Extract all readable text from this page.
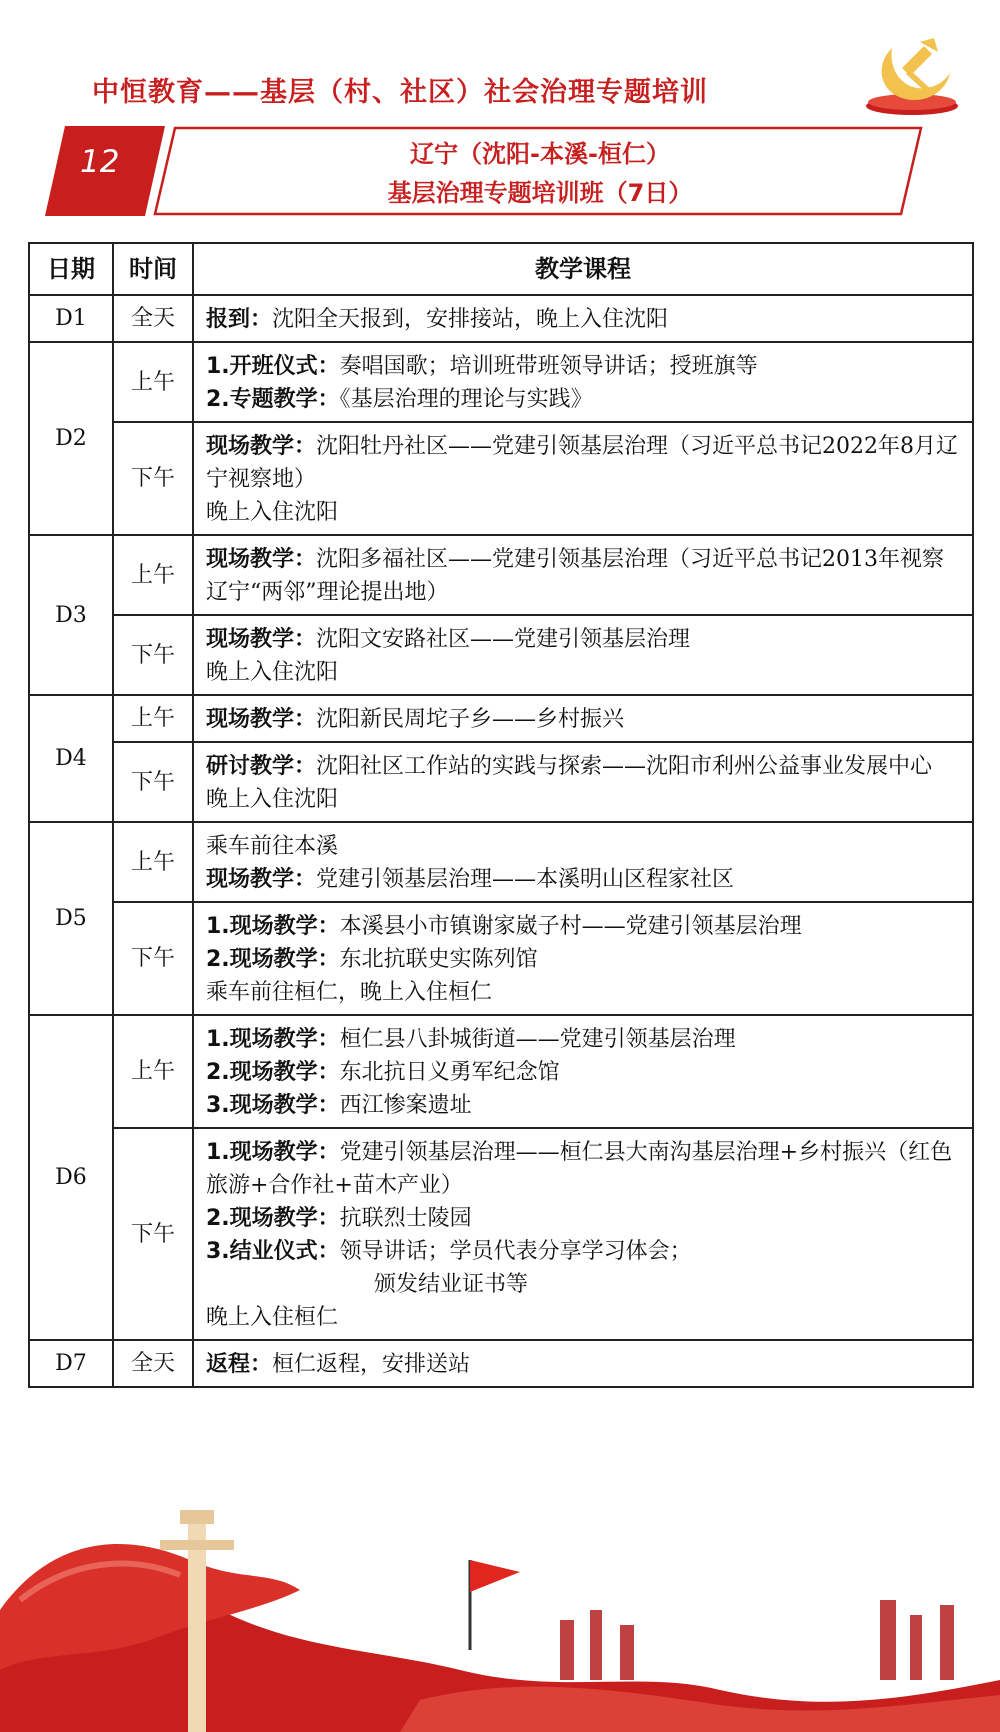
中恒教育——基层（村、社区）社会治理专题培训
12	辽宁（沈阳-本溪-桓仁）
基层治理专题培训班（7日）
日期	时间	教学课程
D1	全天	报到：沈阳全天报到，安排接站，晚上入住沈阳

D2	上午	1.开班仪式：奏唱国歌；培训班带班领导讲话；授班旗等
2.专题教学：《基层治理的理论与实践》

	下午	现场教学：沈阳牡丹社区——党建引领基层治理（习近平总书记2022年8月辽宁视察地）
晚上入住沈阳

D3	上午	现场教学：沈阳多福社区——党建引领基层治理（习近平总书记2013年视察辽宁“两邻”理论提出地）

	下午	现场教学：沈阳文安路社区——党建引领基层治理
晚上入住沈阳

D4	上午	现场教学：沈阳新民周坨子乡——乡村振兴

	下午	研讨教学：沈阳社区工作站的实践与探索——沈阳市利州公益事业发展中心
晚上入住沈阳

D5	上午	乘车前往本溪
现场教学：党建引领基层治理——本溪明山区程家社区

	下午	1.现场教学：本溪县小市镇谢家崴子村——党建引领基层治理
2.现场教学：东北抗联史实陈列馆
乘车前往桓仁，晚上入住桓仁

D6	上午	1.现场教学：桓仁县八卦城街道——党建引领基层治理
2.现场教学：东北抗日义勇军纪念馆
3.现场教学：西江惨案遗址

	下午	1.现场教学：党建引领基层治理——桓仁县大南沟基层治理+乡村振兴（红色旅游+合作社+苗木产业）
2.现场教学：抗联烈士陵园
3.结业仪式：领导讲话；学员代表分享学习体会；
颁发结业证书等
晚上入住桓仁

D7	全天	返程：桓仁返程，安排送站
